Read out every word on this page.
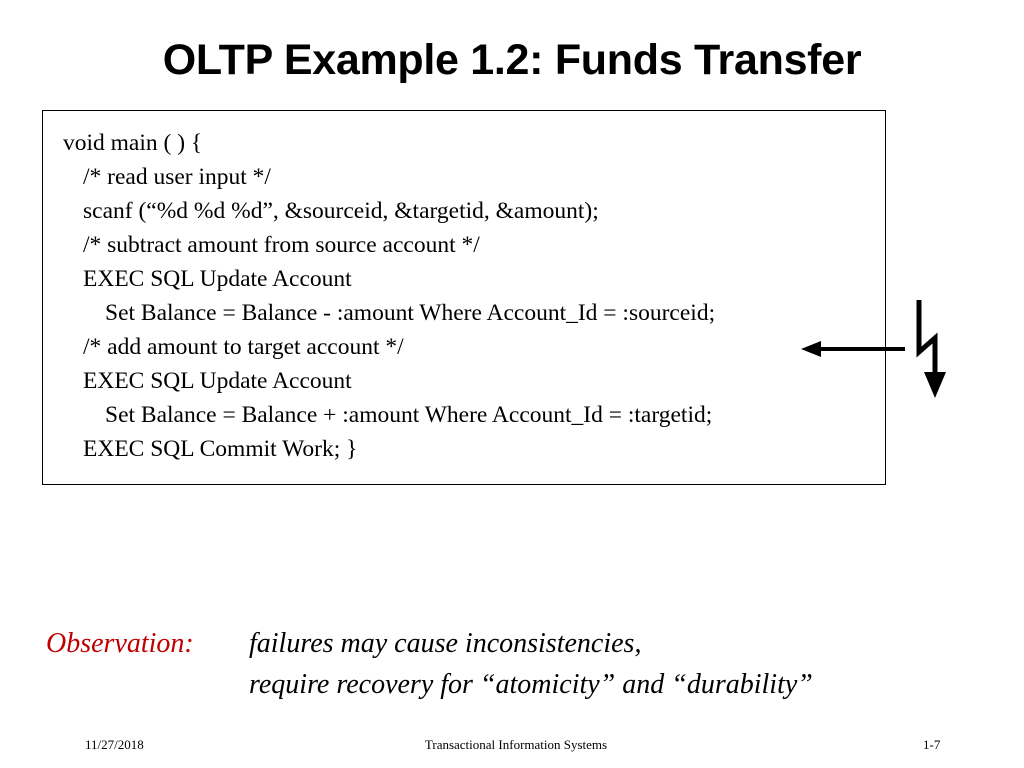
OLTP Example 1.2: Funds Transfer
void main ( ) {
/* read user input */
scanf (“%d %d %d”, &sourceid, &targetid, &amount);
/* subtract amount from source account */
EXEC SQL Update Account
Set Balance = Balance - :amount Where Account_Id = :sourceid;
/* add amount to target account */
EXEC SQL Update Account
Set Balance = Balance + :amount Where Account_Id = :targetid;
EXEC SQL Commit Work; }
Observation: failures may cause inconsistencies,
require recovery for “atomicity” and “durability”
11/27/2018	Transactional Information Systems	1-7
